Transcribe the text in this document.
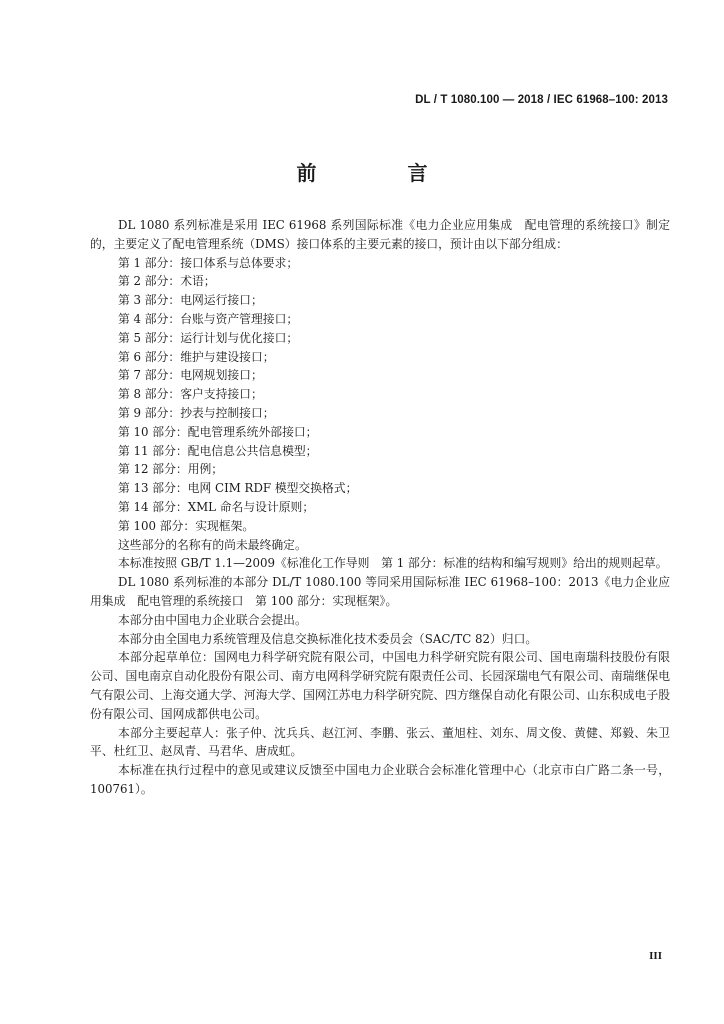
DL / T 1080.100 — 2018 / IEC 61968–100: 2013
前 言

DL 1080 系列标准是采用 IEC 61968 系列国际标准《电力企业应用集成　配电管理的系统接口》制定的，主要定义了配电管理系统（DMS）接口体系的主要元素的接口，预计由以下部分组成：

第 1 部分：接口体系与总体要求；
第 2 部分：术语；
第 3 部分：电网运行接口；
第 4 部分：台账与资产管理接口；
第 5 部分：运行计划与优化接口；
第 6 部分：维护与建设接口；
第 7 部分：电网规划接口；
第 8 部分：客户支持接口；
第 9 部分：抄表与控制接口；
第 10 部分：配电管理系统外部接口；
第 11 部分：配电信息公共信息模型；
第 12 部分：用例；
第 13 部分：电网 CIM RDF 模型交换格式；
第 14 部分：XML 命名与设计原则；
第 100 部分：实现框架。

这些部分的名称有的尚未最终确定。

本标准按照 GB/T 1.1—2009《标准化工作导则　第 1 部分：标准的结构和编写规则》给出的规则起草。

DL 1080 系列标准的本部分 DL/T 1080.100 等同采用国际标准 IEC 61968–100：2013《电力企业应用集成　配电管理的系统接口　第 100 部分：实现框架》。

本部分由中国电力企业联合会提出。

本部分由全国电力系统管理及信息交换标准化技术委员会（SAC/TC 82）归口。

本部分起草单位：国网电力科学研究院有限公司，中国电力科学研究院有限公司、国电南瑞科技股份有限公司、国电南京自动化股份有限公司、南方电网科学研究院有限责任公司、长园深瑞电气有限公司、南瑞继保电气有限公司、上海交通大学、河海大学、国网江苏电力科学研究院、四方继保自动化有限公司、山东积成电子股份有限公司、国网成都供电公司。

本部分主要起草人：张子仲、沈兵兵、赵江河、李鹏、张云、董旭柱、刘东、周文俊、黄健、郑毅、朱卫平、杜红卫、赵凤青、马君华、唐成虹。

本标准在执行过程中的意见或建议反馈至中国电力企业联合会标准化管理中心（北京市白广路二条一号，100761）。

III
